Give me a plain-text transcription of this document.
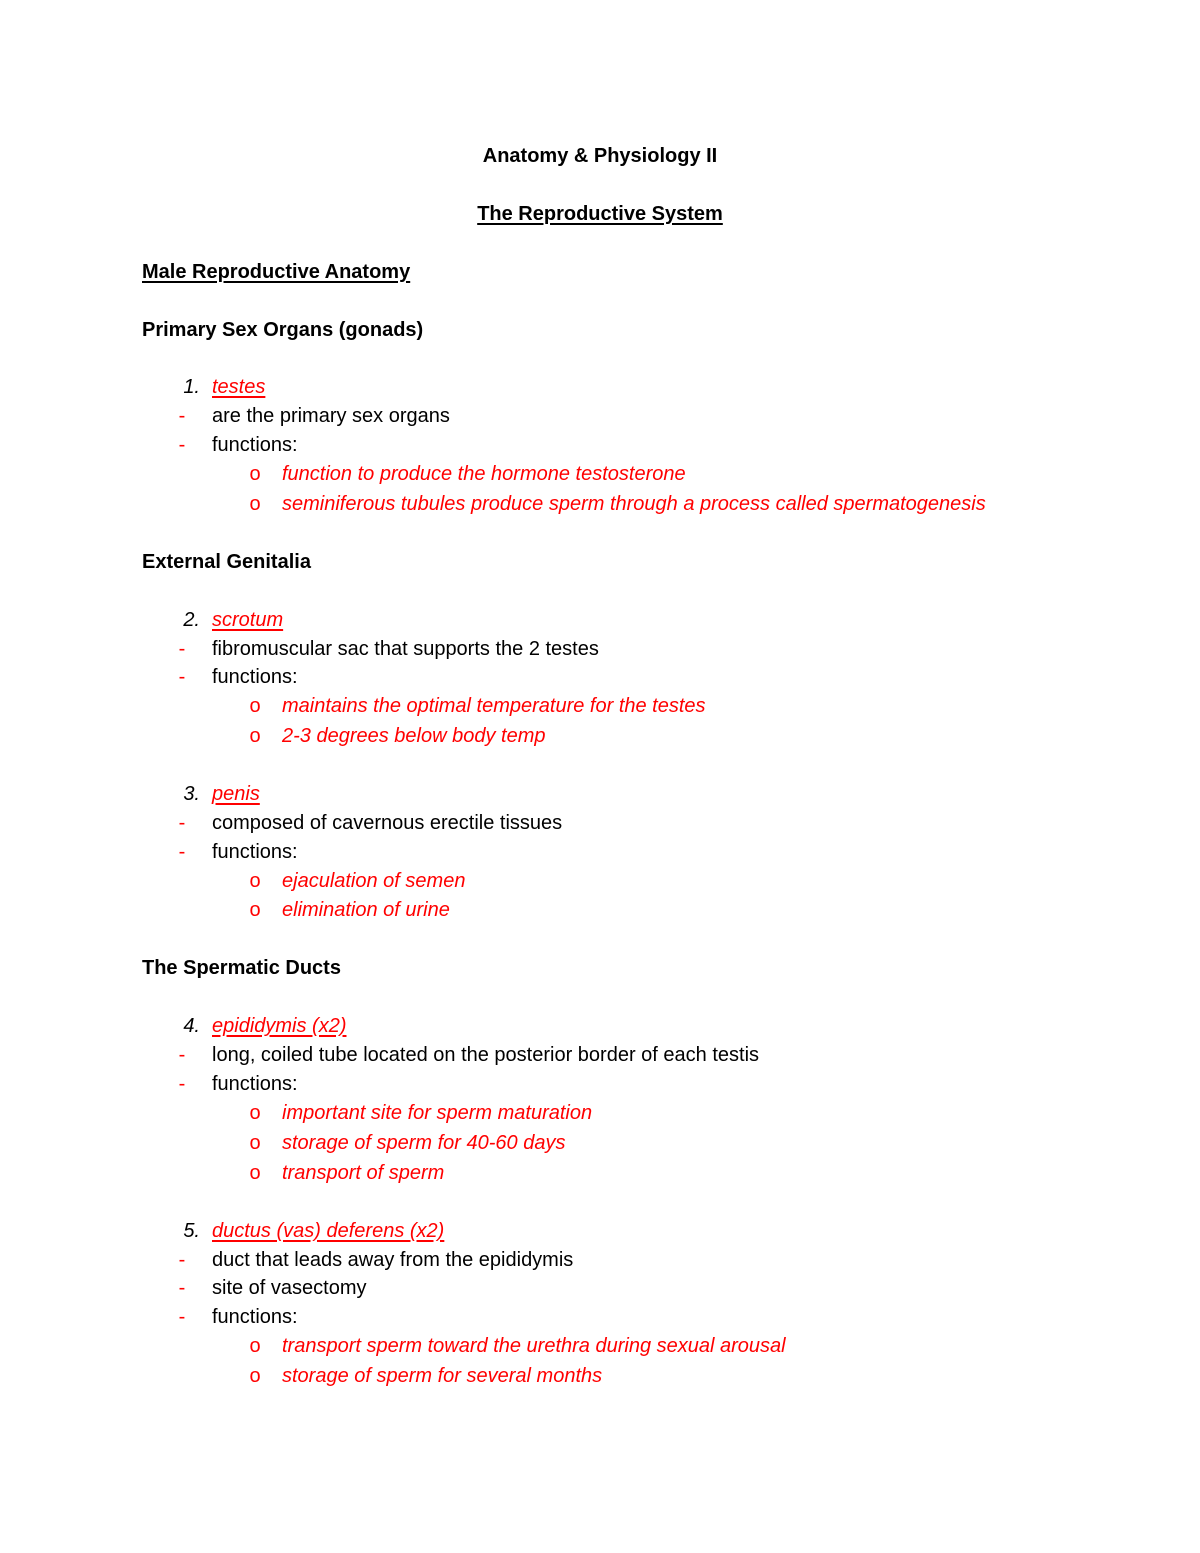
Anatomy & Physiology II
The Reproductive System
Male Reproductive Anatomy
Primary Sex Organs (gonads)
1. testes
- are the primary sex organs
- functions:
o function to produce the hormone testosterone
o seminiferous tubules produce sperm through a process called spermatogenesis
External Genitalia
2. scrotum
- fibromuscular sac that supports the 2 testes
- functions:
o maintains the optimal temperature for the testes
o 2-3 degrees below body temp
3. penis
- composed of cavernous erectile tissues
- functions:
o ejaculation of semen
o elimination of urine
The Spermatic Ducts
4. epididymis (x2)
- long, coiled tube located on the posterior border of each testis
- functions:
o important site for sperm maturation
o storage of sperm for 40-60 days
o transport of sperm
5. ductus (vas) deferens (x2)
- duct that leads away from the epididymis
- site of vasectomy
- functions:
o transport sperm toward the urethra during sexual arousal
o storage of sperm for several months
